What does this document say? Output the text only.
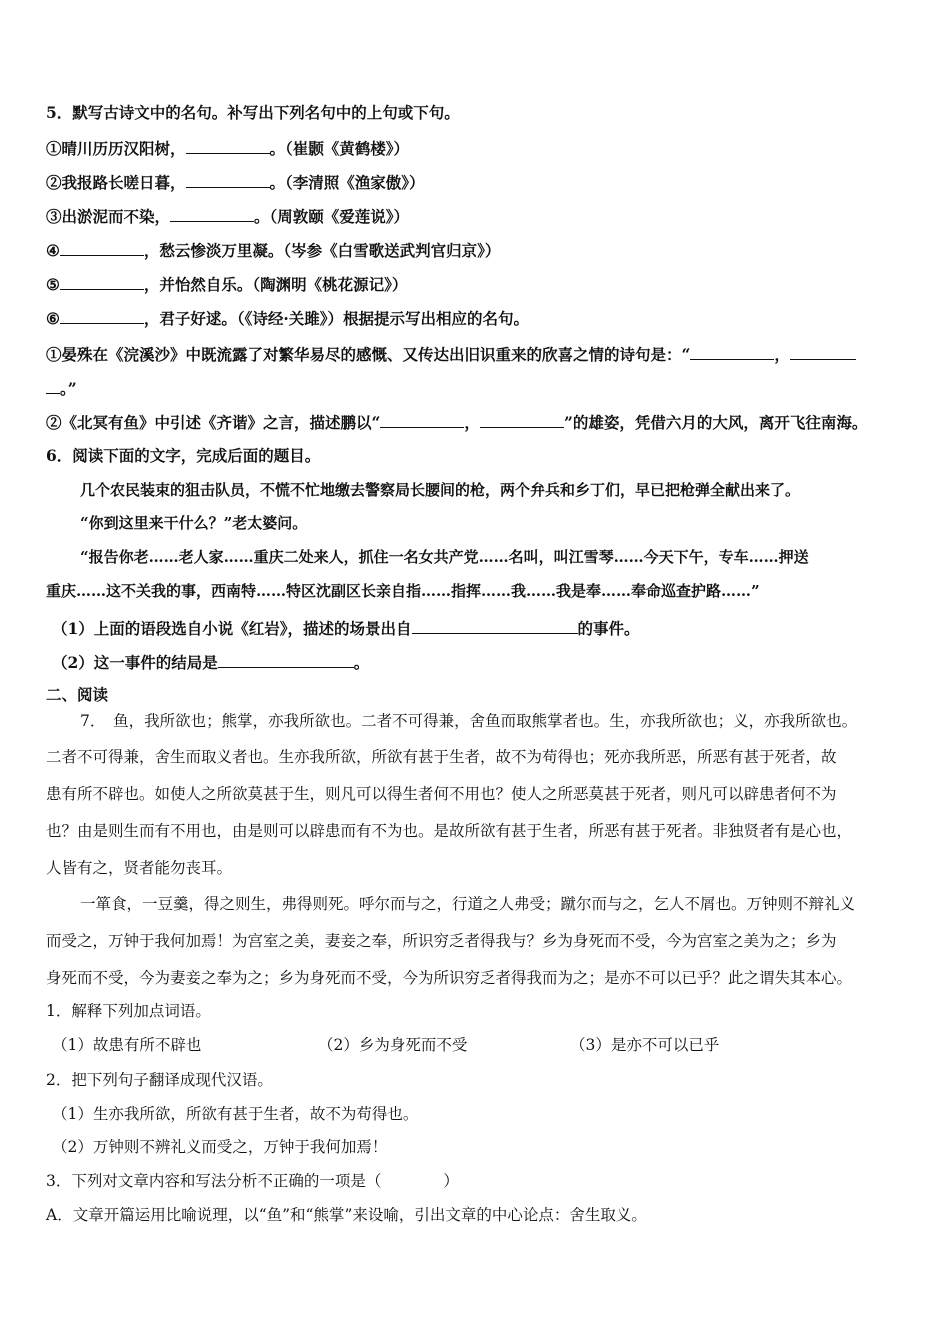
5．默写古诗文中的名句。补写出下列名句中的上句或下句。
①晴川历历汉阳树，	。（崔颢《黄鹤楼》）
②我报路长嗟日暮，	。（李清照《渔家傲》）
③出淤泥而不染，	。（周敦颐《爱莲说》）
④	，愁云惨淡万里凝。（岑参《白雪歌送武判官归京》）
⑤	，并怡然自乐。（陶渊明《桃花源记》）
⑥	，君子好逑。（《诗经·关雎》）根据提示写出相应的名句。
①晏殊在《浣溪沙》中既流露了对繁华易尽的感慨、又传达出旧识重来的欣喜之情的诗句是：“	，
。”
②《北冥有鱼》中引述《齐谐》之言，描述鹏以“	，	”的雄姿，凭借六月的大风，离开飞往南海。
6．阅读下面的文字，完成后面的题目。
几个农民装束的狙击队员，不慌不忙地缴去警察局长腰间的枪，两个弁兵和乡丁们，早已把枪弹全献出来了。
“你到这里来干什么？”老太婆问。
“报告你老……老人家……重庆二处来人，抓住一名女共产党……名叫，叫江雪琴……今天下午，专车……押送
重庆……这不关我的事，西南特……特区沈副区长亲自指……指挥……我……我是奉……奉命巡查护路……”
（1）上面的语段选自小说《红岩》，描述的场景出自	的事件。
（2）这一事件的结局是	。
二、阅读
7．　鱼，我所欲也；熊掌，亦我所欲也。二者不可得兼，舍鱼而取熊掌者也。生，亦我所欲也；义，亦我所欲也。
二者不可得兼，舍生而取义者也。生亦我所欲，所欲有甚于生者，故不为苟得也；死亦我所恶，所恶有甚于死者，故
患有所不辟也。如使人之所欲莫甚于生，则凡可以得生者何不用也？使人之所恶莫甚于死者，则凡可以辟患者何不为
也？由是则生而有不用也，由是则可以辟患而有不为也。是故所欲有甚于生者，所恶有甚于死者。非独贤者有是心也，
人皆有之，贤者能勿丧耳。
一箪食，一豆羹，得之则生，弗得则死。呼尔而与之，行道之人弗受；蹴尔而与之，乞人不屑也。万钟则不辩礼义
而受之，万钟于我何加焉！为宫室之美，妻妾之奉，所识穷乏者得我与？乡为身死而不受，今为宫室之美为之；乡为
身死而不受，今为妻妾之奉为之；乡为身死而不受，今为所识穷乏者得我而为之；是亦不可以已乎？此之谓失其本心。
1．解释下列加点词语。
（1）故患有所不辟也	（2）乡为身死而不受	（3）是亦不可以已乎
2．把下列句子翻译成现代汉语。
（1）生亦我所欲，所欲有甚于生者，故不为苟得也。
（2）万钟则不辨礼义而受之，万钟于我何加焉！
3．下列对文章内容和写法分析不正确的一项是（　　　　）
A．文章开篇运用比喻说理，以“鱼”和“熊掌”来设喻，引出文章的中心论点：舍生取义。
